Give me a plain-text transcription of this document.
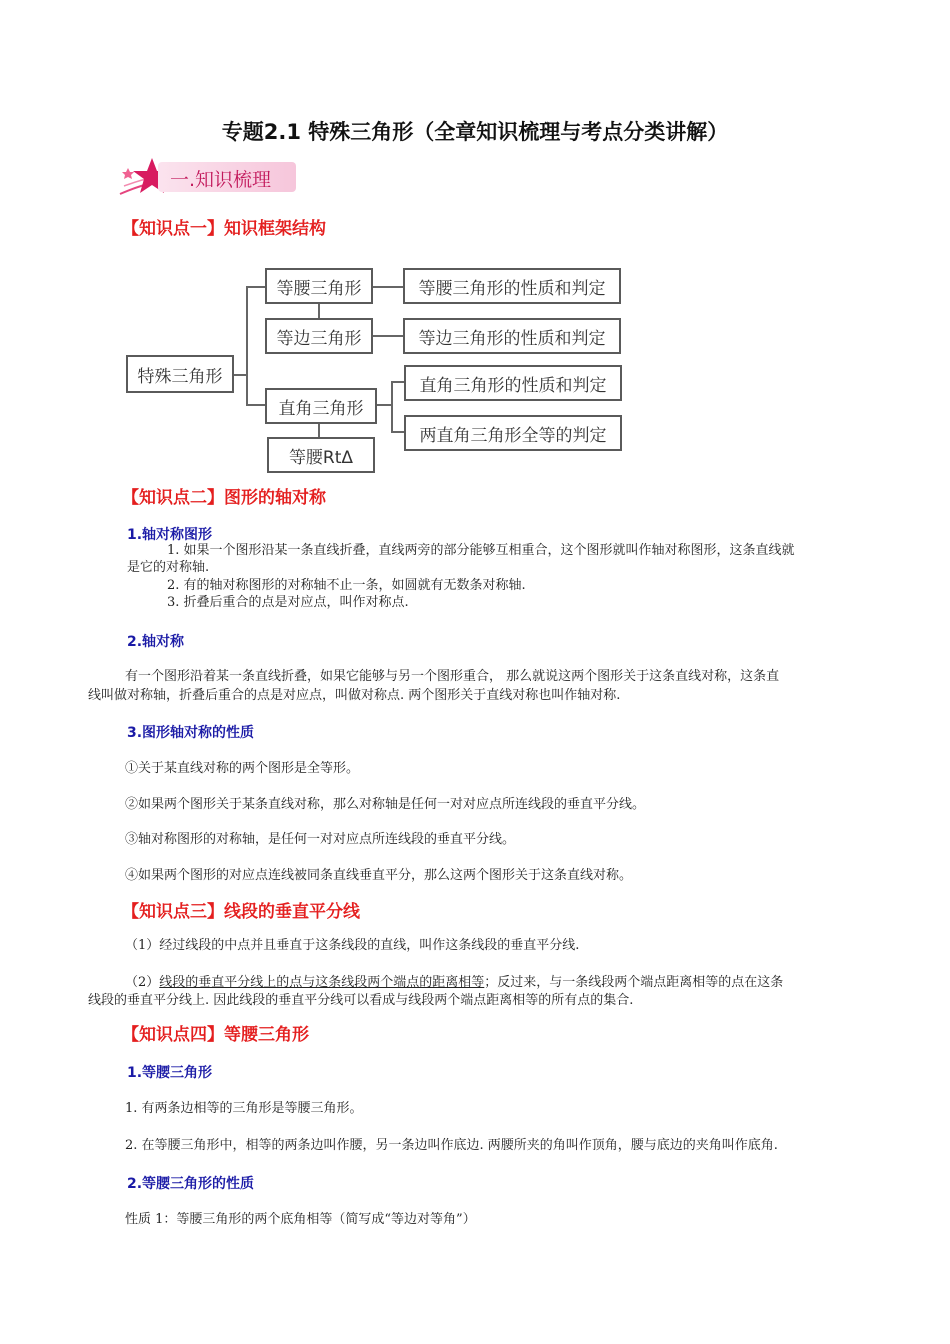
专题2.1 特殊三角形（全章知识梳理与考点分类讲解）
一.知识梳理
【知识点一】知识框架结构
特殊三角形
等腰三角形
等边三角形
直角三角形
等腰RtΔ
等腰三角形的性质和判定
等边三角形的性质和判定
直角三角形的性质和判定
两直角三角形全等的判定
【知识点二】图形的轴对称
1.轴对称图形
1. 如果一个图形沿某一条直线折叠，直线两旁的部分能够互相重合，这个图形就叫作轴对称图形，这条直线就
是它的对称轴.
2. 有的轴对称图形的对称轴不止一条，如圆就有无数条对称轴.
3. 折叠后重合的点是对应点，叫作对称点.
2.轴对称
有一个图形沿着某一条直线折叠，如果它能够与另一个图形重合， 那么就说这两个图形关于这条直线对称，这条直
线叫做对称轴，折叠后重合的点是对应点，叫做对称点. 两个图形关于直线对称也叫作轴对称.
3.图形轴对称的性质
①关于某直线对称的两个图形是全等形。
②如果两个图形关于某条直线对称，那么对称轴是任何一对对应点所连线段的垂直平分线。
③轴对称图形的对称轴，是任何一对对应点所连线段的垂直平分线。
④如果两个图形的对应点连线被同条直线垂直平分，那么这两个图形关于这条直线对称。
【知识点三】线段的垂直平分线
（1）经过线段的中点并且垂直于这条线段的直线，叫作这条线段的垂直平分线.
（2）线段的垂直平分线上的点与这条线段两个端点的距离相等；反过来，与一条线段两个端点距离相等的点在这条
线段的垂直平分线上. 因此线段的垂直平分线可以看成与线段两个端点距离相等的所有点的集合.
【知识点四】等腰三角形
1.等腰三角形
1. 有两条边相等的三角形是等腰三角形。
2. 在等腰三角形中，相等的两条边叫作腰，另一条边叫作底边. 两腰所夹的角叫作顶角，腰与底边的夹角叫作底角.
2.等腰三角形的性质
性质 1：等腰三角形的两个底角相等（简写成“等边对等角”）
